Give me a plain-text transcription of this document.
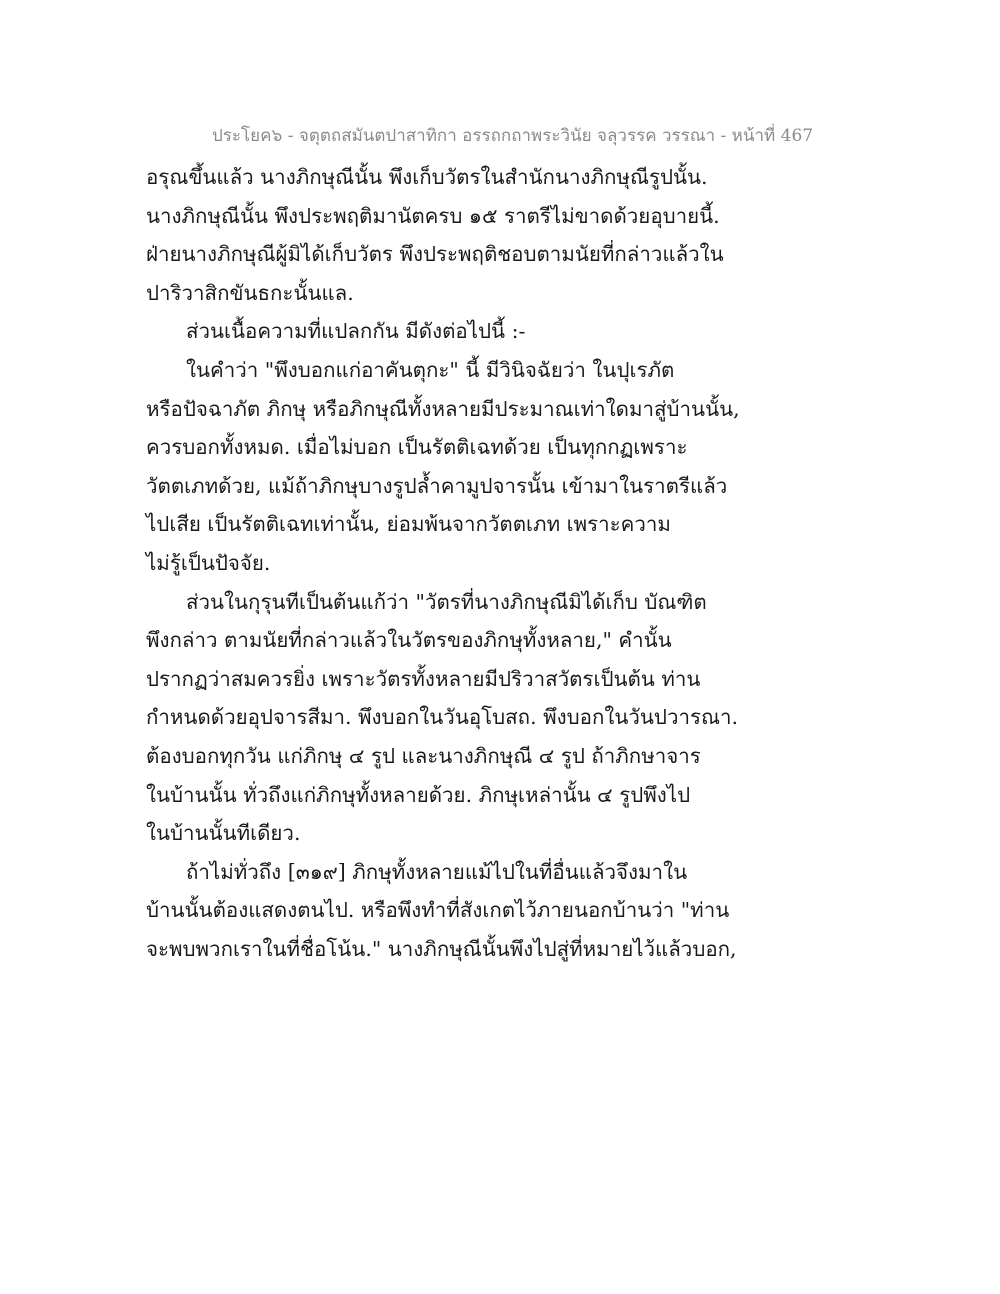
ประโยค๖ - จตุตถสมันตปาสาทิกา อรรถกถาพระวินัย จลุวรรค วรรณา - หน้าที่ 467
อรุณขึ้นแล้ว นางภิกษุณีนั้น พึงเก็บวัตรในสำนักนางภิกษุณีรูปนั้น.
นางภิกษุณีนั้น พึงประพฤติมานัตครบ ๑๕ ราตรีไม่ขาดด้วยอุบายนี้.
ฝ่ายนางภิกษุณีผู้มิได้เก็บวัตร พึงประพฤติชอบตามนัยที่กล่าวแล้วใน
ปาริวาสิกขันธกะนั้นแล.
ส่วนเนื้อความที่แปลกกัน มีดังต่อไปนี้ :-
ในคำว่า "พึงบอกแก่อาคันตุกะ" นี้ มีวินิจฉัยว่า ในปุเรภัต
หรือปัจฉาภัต ภิกษุ หรือภิกษุณีทั้งหลายมีประมาณเท่าใดมาสู่บ้านนั้น,
ควรบอกทั้งหมด. เมื่อไม่บอก เป็นรัตติเฉทด้วย เป็นทุกกฏเพราะ
วัตตเภทด้วย, แม้ถ้าภิกษุบางรูปล้ำคามูปจารนั้น เข้ามาในราตรีแล้ว
ไปเสีย เป็นรัตติเฉทเท่านั้น, ย่อมพ้นจากวัตตเภท เพราะความ
ไม่รู้เป็นปัจจัย.
ส่วนในกุรุนทีเป็นต้นแก้ว่า "วัตรที่นางภิกษุณีมิได้เก็บ บัณฑิต
พึงกล่าว ตามนัยที่กล่าวแล้วในวัตรของภิกษุทั้งหลาย," คำนั้น
ปรากฏว่าสมควรยิ่ง เพราะวัตรทั้งหลายมีปริวาสวัตรเป็นต้น ท่าน
กำหนดด้วยอุปจารสีมา. พึงบอกในวันอุโบสถ. พึงบอกในวันปวารณา.
ต้องบอกทุกวัน แก่ภิกษุ ๔ รูป และนางภิกษุณี ๔ รูป ถ้าภิกษาจาร
ในบ้านนั้น ทั่วถึงแก่ภิกษุทั้งหลายด้วย. ภิกษุเหล่านั้น ๔ รูปพึงไป
ในบ้านนั้นทีเดียว.
ถ้าไม่ทั่วถึง [๓๑๙] ภิกษุทั้งหลายแม้ไปในที่อื่นแล้วจึงมาใน
บ้านนั้นต้องแสดงตนไป. หรือพึงทำที่สังเกตไว้ภายนอกบ้านว่า "ท่าน
จะพบพวกเราในที่ชื่อโน้น." นางภิกษุณีนั้นพึงไปสู่ที่หมายไว้แล้วบอก,
